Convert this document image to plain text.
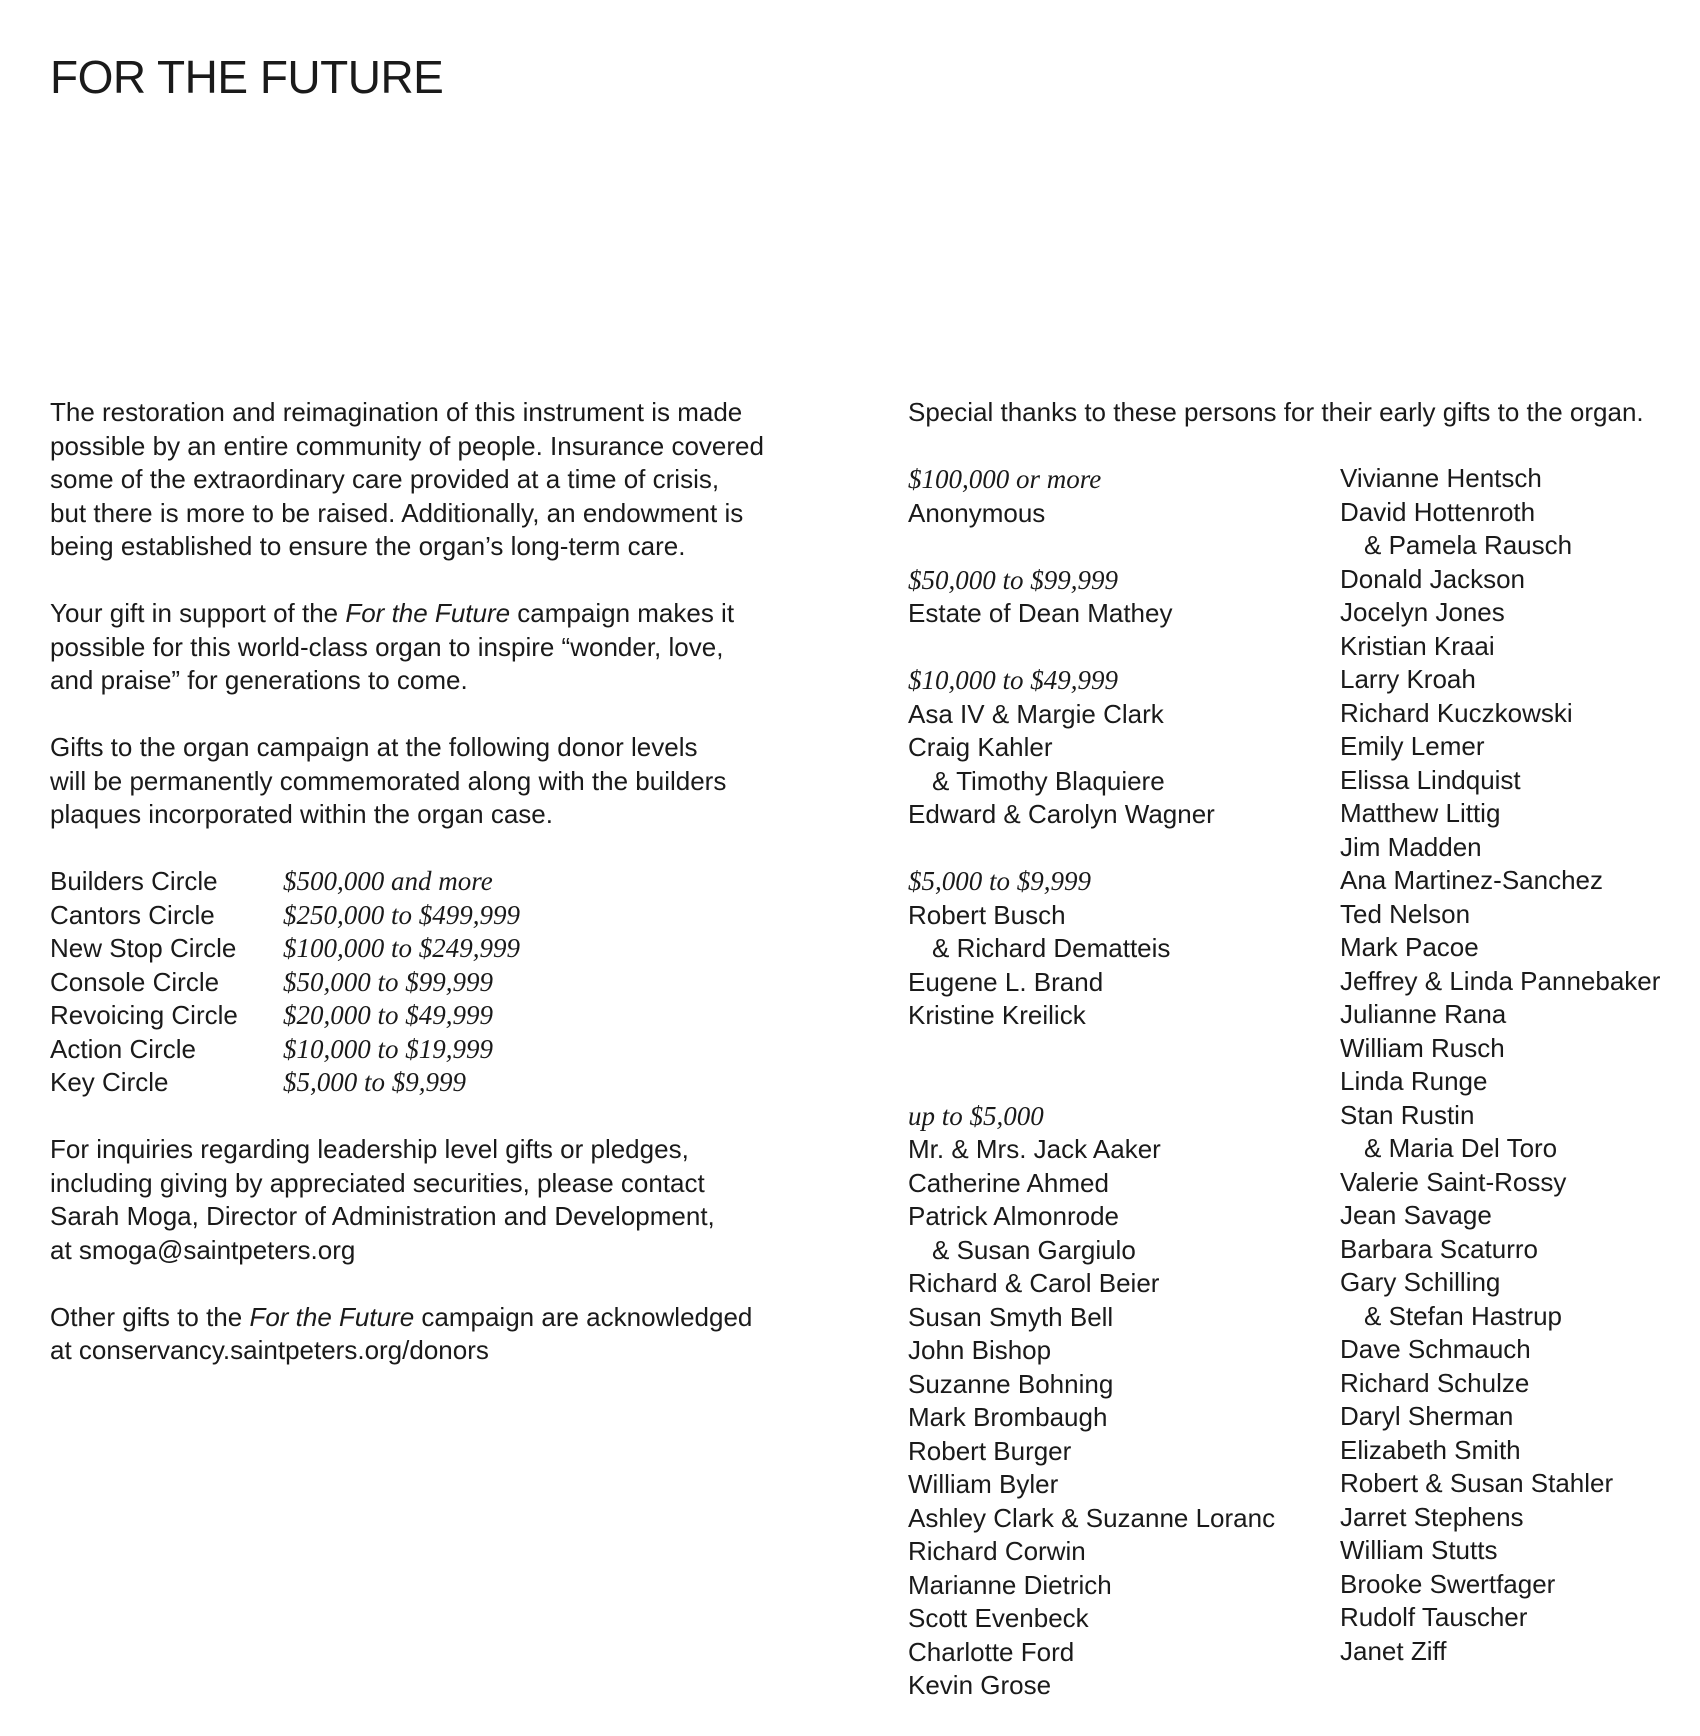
FOR THE FUTURE

The restoration and reimagination of this instrument is made
possible by an entire community of people. Insurance covered
some of the extraordinary care provided at a time of crisis,
but there is more to be raised. Additionally, an endowment is
being established to ensure the organ’s long-term care.

Your gift in support of the For the Future campaign makes it
possible for this world-class organ to inspire “wonder, love,
and praise” for generations to come.

Gifts to the organ campaign at the following donor levels
will be permanently commemorated along with the builders
plaques incorporated within the organ case.

Builders Circle	$500,000 and more
Cantors Circle	$250,000 to $499,999
New Stop Circle	$100,000 to $249,999
Console Circle	$50,000 to $99,999
Revoicing Circle	$20,000 to $49,999
Action Circle	$10,000 to $19,999
Key Circle	$5,000 to $9,999

For inquiries regarding leadership level gifts or pledges,
including giving by appreciated securities, please contact
Sarah Moga, Director of Administration and Development,
at smoga@saintpeters.org

Other gifts to the For the Future campaign are acknowledged
at conservancy.saintpeters.org/donors

Special thanks to these persons for their early gifts to the organ.

$100,000 or more
Anonymous
$50,000 to $99,999
Estate of Dean Mathey
$10,000 to $49,999
Asa IV & Margie Clark
Craig Kahler
& Timothy Blaquiere
Edward & Carolyn Wagner
$5,000 to $9,999
Robert Busch
& Richard Dematteis
Eugene L. Brand
Kristine Kreilick
up to $5,000
Mr. & Mrs. Jack Aaker
Catherine Ahmed
Patrick Almonrode
& Susan Gargiulo
Richard & Carol Beier
Susan Smyth Bell
John Bishop
Suzanne Bohning
Mark Brombaugh
Robert Burger
William Byler
Ashley Clark & Suzanne Loranc
Richard Corwin
Marianne Dietrich
Scott Evenbeck
Charlotte Ford
Kevin Grose
Vivianne Hentsch
David Hottenroth
& Pamela Rausch
Donald Jackson
Jocelyn Jones
Kristian Kraai
Larry Kroah
Richard Kuczkowski
Emily Lemer
Elissa Lindquist
Matthew Littig
Jim Madden
Ana Martinez-Sanchez
Ted Nelson
Mark Pacoe
Jeffrey & Linda Pannebaker
Julianne Rana
William Rusch
Linda Runge
Stan Rustin
& Maria Del Toro
Valerie Saint-Rossy
Jean Savage
Barbara Scaturro
Gary Schilling
& Stefan Hastrup
Dave Schmauch
Richard Schulze
Daryl Sherman
Elizabeth Smith
Robert & Susan Stahler
Jarret Stephens
William Stutts
Brooke Swertfager
Rudolf Tauscher
Janet Ziff
